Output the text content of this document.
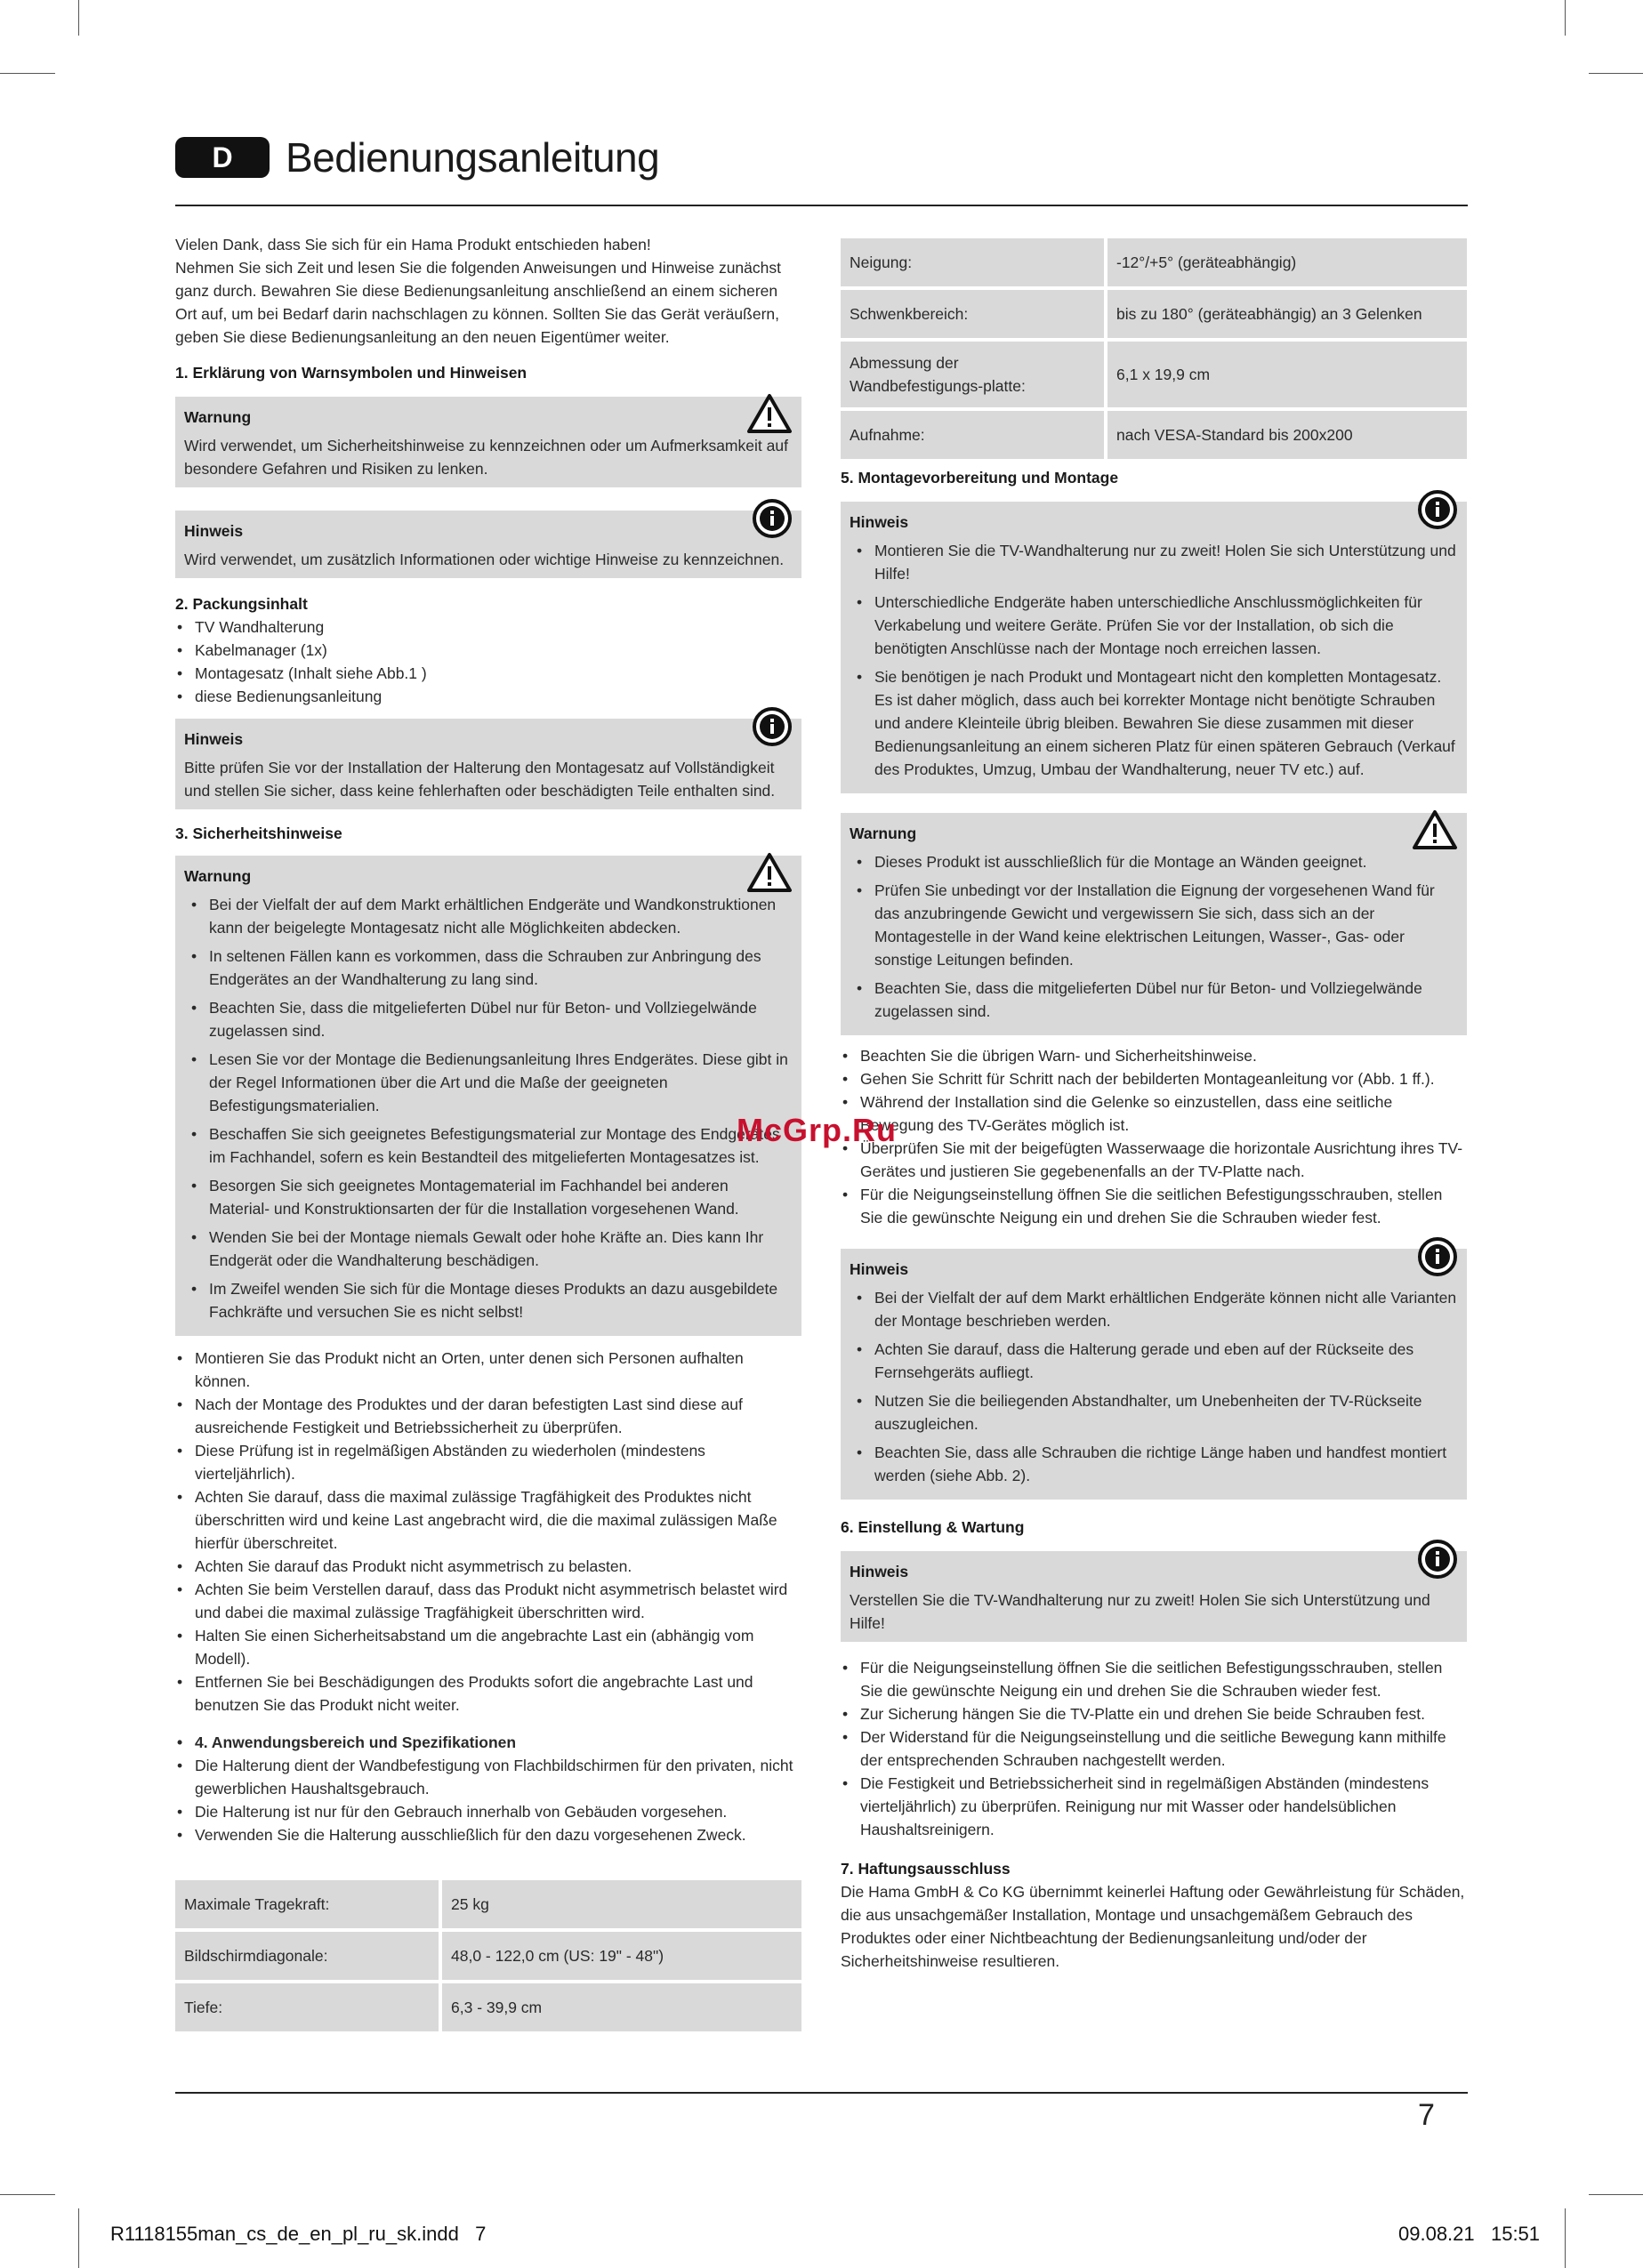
D	Bedienungsanleitung

Vielen Dank, dass Sie sich für ein Hama Produkt entschieden haben!

Nehmen Sie sich Zeit und lesen Sie die folgenden Anweisungen und Hinweise zunächst ganz durch. Bewahren Sie diese Bedienungsanleitung anschließend an einem sicheren Ort auf, um bei Bedarf darin nachschlagen zu können. Sollten Sie das Gerät veräußern, geben Sie diese Bedienungsanleitung an den neuen Eigentümer weiter.

1. Erklärung von Warnsymbolen und Hinweisen
Warnung
Wird verwendet, um Sicherheitshinweise zu kennzeichnen oder um Aufmerksamkeit auf besondere Gefahren und Risiken zu lenken.
Hinweis
Wird verwendet, um zusätzlich Informationen oder wichtige Hinweise zu kennzeichnen.
2. Packungsinhalt
• TV Wandhalterung
• Kabelmanager (1x)
• Montagesatz (Inhalt siehe Abb.1 )
• diese Bedienungsanleitung
Hinweis
Bitte prüfen Sie vor der Installation der Halterung den Montagesatz auf Vollständigkeit und stellen Sie sicher, dass keine fehlerhaften oder beschädigten Teile enthalten sind.
3. Sicherheitshinweise
Warnung
• Bei der Vielfalt der auf dem Markt erhältlichen Endgeräte und Wandkonstruktionen kann der beigelegte Montagesatz nicht alle Möglichkeiten abdecken.
• In seltenen Fällen kann es vorkommen, dass die Schrauben zur Anbringung des Endgerätes an der Wandhalterung zu lang sind.
• Beachten Sie, dass die mitgelieferten Dübel nur für Beton- und Vollziegelwände zugelassen sind.
• Lesen Sie vor der Montage die Bedienungsanleitung Ihres Endgerätes. Diese gibt in der Regel Informationen über die Art und die Maße der geeigneten Befestigungsmaterialien.
• Beschaffen Sie sich geeignetes Befestigungsmaterial zur Montage des Endgerätes im Fachhandel, sofern es kein Bestandteil des mitgelieferten Montagesatzes ist.
• Besorgen Sie sich geeignetes Montagematerial im Fachhandel bei anderen Material- und Konstruktionsarten der für die Installation vorgesehenen Wand.
• Wenden Sie bei der Montage niemals Gewalt oder hohe Kräfte an. Dies kann Ihr Endgerät oder die Wandhalterung beschädigen.
• Im Zweifel wenden Sie sich für die Montage dieses Produkts an dazu ausgebildete Fachkräfte und versuchen Sie es nicht selbst!
• Montieren Sie das Produkt nicht an Orten, unter denen sich Personen aufhalten können.
• Nach der Montage des Produktes und der daran befestigten Last sind diese auf ausreichende Festigkeit und Betriebssicherheit zu überprüfen.
• Diese Prüfung ist in regelmäßigen Abständen zu wiederholen (mindestens vierteljährlich).
• Achten Sie darauf, dass die maximal zulässige Tragfähigkeit des Produktes nicht überschritten wird und keine Last angebracht wird, die die maximal zulässigen Maße hierfür überschreitet.
• Achten Sie darauf das Produkt nicht asymmetrisch zu belasten.
• Achten Sie beim Verstellen darauf, dass das Produkt nicht asymmetrisch belastet wird und dabei die maximal zulässige Tragfähigkeit überschritten wird.
• Halten Sie einen Sicherheitsabstand um die angebrachte Last ein (abhängig vom Modell).
• Entfernen Sie bei Beschädigungen des Produkts sofort die angebrachte Last und benutzen Sie das Produkt nicht weiter.
• 4. Anwendungsbereich und Spezifikationen
• Die Halterung dient der Wandbefestigung von Flachbildschirmen für den privaten, nicht gewerblichen Haushaltsgebrauch.
• Die Halterung ist nur für den Gebrauch innerhalb von Gebäuden vorgesehen.
• Verwenden Sie die Halterung ausschließlich für den dazu vorgesehenen Zweck.
Maximale Tragekraft:	25 kg
Bildschirmdiagonale:	48,0 - 122,0 cm (US: 19" - 48")
Tiefe:	6,3 - 39,9 cm
Neigung:	-12°/+5° (geräteabhängig)
Schwenkbereich:	bis zu 180° (geräteabhängig) an 3 Gelenken
Abmessung der Wandbefestigungs-platte:	6,1 x 19,9 cm
Aufnahme:	nach VESA-Standard bis 200x200
5. Montagevorbereitung und Montage
Hinweis
• Montieren Sie die TV-Wandhalterung nur zu zweit! Holen Sie sich Unterstützung und Hilfe!
• Unterschiedliche Endgeräte haben unterschiedliche Anschlussmöglichkeiten für Verkabelung und weitere Geräte. Prüfen Sie vor der Installation, ob sich die benötigten Anschlüsse nach der Montage noch erreichen lassen.
• Sie benötigen je nach Produkt und Montageart nicht den kompletten Montagesatz. Es ist daher möglich, dass auch bei korrekter Montage nicht benötigte Schrauben und andere Kleinteile übrig bleiben. Bewahren Sie diese zusammen mit dieser Bedienungsanleitung an einem sicheren Platz für einen späteren Gebrauch (Verkauf des Produktes, Umzug, Umbau der Wandhalterung, neuer TV etc.) auf.
Warnung
• Dieses Produkt ist ausschließlich für die Montage an Wänden geeignet.
• Prüfen Sie unbedingt vor der Installation die Eignung der vorgesehenen Wand für das anzubringende Gewicht und vergewissern Sie sich, dass sich an der Montagestelle in der Wand keine elektrischen Leitungen, Wasser-, Gas- oder sonstige Leitungen befinden.
• Beachten Sie, dass die mitgelieferten Dübel nur für Beton- und Vollziegelwände zugelassen sind.
• Beachten Sie die übrigen Warn- und Sicherheitshinweise.
• Gehen Sie Schritt für Schritt nach der bebilderten Montageanleitung vor (Abb. 1 ff.).
• Während der Installation sind die Gelenke so einzustellen, dass eine seitliche Bewegung des TV-Gerätes möglich ist.
• Überprüfen Sie mit der beigefügten Wasserwaage die horizontale Ausrichtung ihres TV-Gerätes und justieren Sie gegebenenfalls an der TV-Platte nach.
• Für die Neigungseinstellung öffnen Sie die seitlichen Befestigungsschrauben, stellen Sie die gewünschte Neigung ein und drehen Sie die Schrauben wieder fest.
Hinweis
• Bei der Vielfalt der auf dem Markt erhältlichen Endgeräte können nicht alle Varianten der Montage beschrieben werden.
• Achten Sie darauf, dass die Halterung gerade und eben auf der Rückseite des Fernsehgeräts aufliegt.
• Nutzen Sie die beiliegenden Abstandhalter, um Unebenheiten der TV-Rückseite auszugleichen.
• Beachten Sie, dass alle Schrauben die richtige Länge haben und handfest montiert werden (siehe Abb. 2).
6. Einstellung & Wartung
Hinweis
Verstellen Sie die TV-Wandhalterung nur zu zweit! Holen Sie sich Unterstützung und Hilfe!
• Für die Neigungseinstellung öffnen Sie die seitlichen Befestigungsschrauben, stellen Sie die gewünschte Neigung ein und drehen Sie die Schrauben wieder fest.
• Zur Sicherung hängen Sie die TV-Platte ein und drehen Sie beide Schrauben fest.
• Der Widerstand für die Neigungseinstellung und die seitliche Bewegung kann mithilfe der entsprechenden Schrauben nachgestellt werden.
• Die Festigkeit und Betriebssicherheit sind in regelmäßigen Abständen (mindestens vierteljährlich) zu überprüfen. Reinigung nur mit Wasser oder handelsüblichen Haushaltsreinigern.
7. Haftungsausschluss

Die Hama GmbH & Co KG übernimmt keinerlei Haftung oder Gewährleistung für Schäden, die aus unsachgemäßer Installation, Montage und unsachgemäßem Gebrauch des Produktes oder einer Nichtbeachtung der Bedienungsanleitung und/oder der Sicherheitshinweise resultieren.

McGrp.Ru
7
R1118155man_cs_de_en_pl_ru_sk.indd   7	09.08.21   15:51
